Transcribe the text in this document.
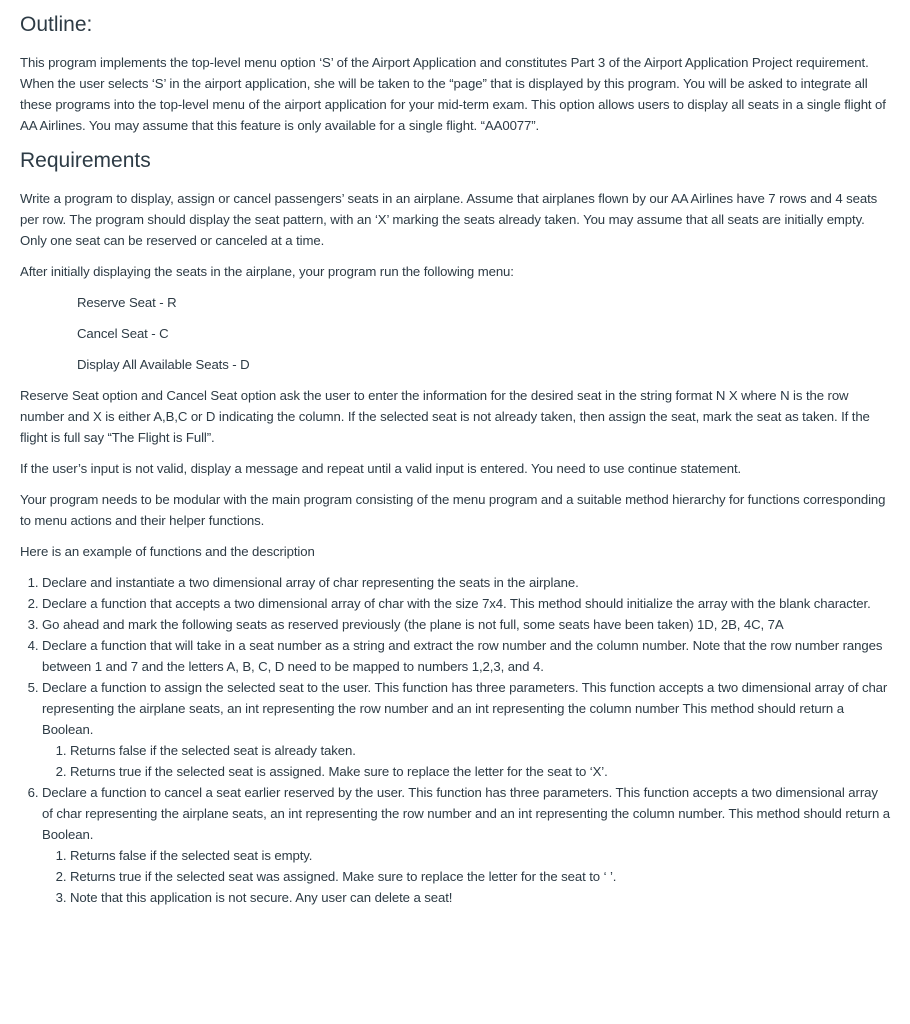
Outline:

This program implements the top-level menu option ‘S’ of the Airport Application and constitutes Part 3 of the Airport Application Project requirement. When the user selects ‘S’ in the airport application, she will be taken to the “page” that is displayed by this program. You will be asked to integrate all these programs into the top-level menu of the airport application for your mid-term exam. This option allows users to display all seats in a single flight of AA Airlines. You may assume that this feature is only available for a single flight. “AA0077”.

Requirements

Write a program to display, assign or cancel passengers’ seats in an airplane. Assume that airplanes flown by our AA Airlines have 7 rows and 4 seats per row. The program should display the seat pattern, with an ‘X’ marking the seats already taken. You may assume that all seats are initially empty. Only one seat can be reserved or canceled at a time.

After initially displaying the seats in the airplane, your program run the following menu:

Reserve Seat - R

Cancel Seat - C

Display All Available Seats - D

Reserve Seat option and Cancel Seat option ask the user to enter the information for the desired seat in the string format N X where N is the row number and X is either A,B,C or D indicating the column. If the selected seat is not already taken, then assign the seat, mark the seat as taken. If the flight is full say “The Flight is Full”.

If the user’s input is not valid, display a message and repeat until a valid input is entered. You need to use continue statement.

Your program needs to be modular with the main program consisting of the menu program and a suitable method hierarchy for functions corresponding to menu actions and their helper functions.

Here is an example of functions and the description

1. Declare and instantiate a two dimensional array of char representing the seats in the airplane.
2. Declare a function that accepts a two dimensional array of char with the size 7x4. This method should initialize the array with the blank character.
3. Go ahead and mark the following seats as reserved previously (the plane is not full, some seats have been taken) 1D, 2B, 4C, 7A
4. Declare a function that will take in a seat number as a string and extract the row number and the column number. Note that the row number ranges between 1 and 7 and the letters A, B, C, D need to be mapped to numbers 1,2,3, and 4.
5. Declare a function to assign the selected seat to the user. This function has three parameters. This function accepts a two dimensional array of char representing the airplane seats, an int representing the row number and an int representing the column number This method should return a Boolean.
1. Returns false if the selected seat is already taken.
2. Returns true if the selected seat is assigned. Make sure to replace the letter for the seat to ‘X’.
6. Declare a function to cancel a seat earlier reserved by the user. This function has three parameters. This function accepts a two dimensional array of char representing the airplane seats, an int representing the row number and an int representing the column number. This method should return a Boolean.
1. Returns false if the selected seat is empty.
2. Returns true if the selected seat was assigned. Make sure to replace the letter for the seat to ‘ ’.
3. Note that this application is not secure. Any user can delete a seat!
